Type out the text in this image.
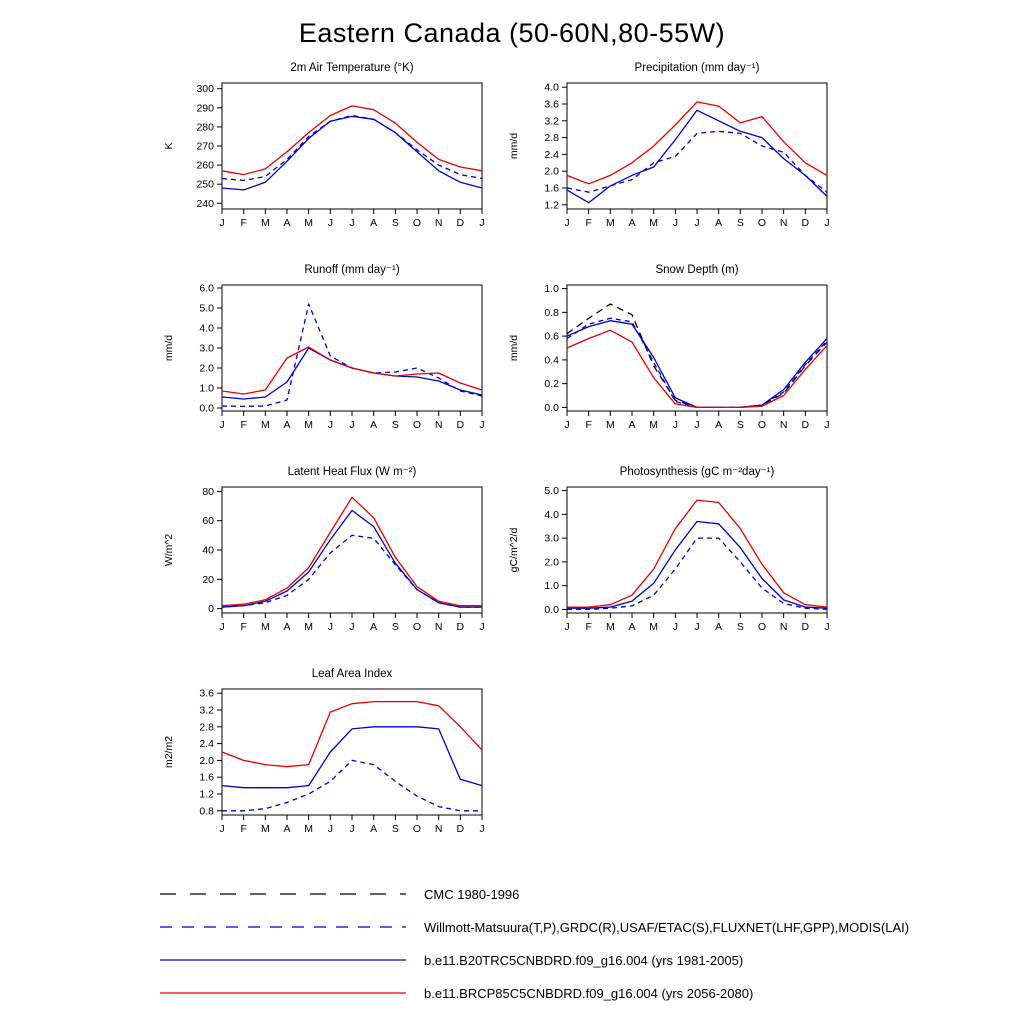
Eastern Canada (50-60N,80-55W)
2m Air Temperature (°K)
240
250
260
270
280
290
300
J F M A M J J A S O N D J
K
Precipitation (mm day⁻¹)
1.2
1.6
2.0
2.4
2.8
3.2
3.6
4.0
J F M A M J J A S O N D J
mm/d
Runoff (mm day⁻¹)
0.0
1.0
2.0
3.0
4.0
5.0
6.0
J F M A M J J A S O N D J
mm/d
Snow Depth (m)
0.0
0.2
0.4
0.6
0.8
1.0
J F M A M J J A S O N D J
mm/d
Latent Heat Flux (W m⁻²)
0
20
40
60
80
J F M A M J J A S O N D J
W/m^2
Photosynthesis (gC m⁻²day⁻¹)
0.0
1.0
2.0
3.0
4.0
5.0
J F M A M J J A S O N D J
gC/m^2/d
Leaf Area Index
0.8
1.2
1.6
2.0
2.4
2.8
3.2
3.6
J F M A M J J A S O N D J
m2/m2
CMC 1980-1996
Willmott-Matsuura(T,P),GRDC(R),USAF/ETAC(S),FLUXNET(LHF,GPP),MODIS(LAI)
b.e11.B20TRC5CNBDRD.f09_g16.004 (yrs 1981-2005)
b.e11.BRCP85C5CNBDRD.f09_g16.004 (yrs 2056-2080)
